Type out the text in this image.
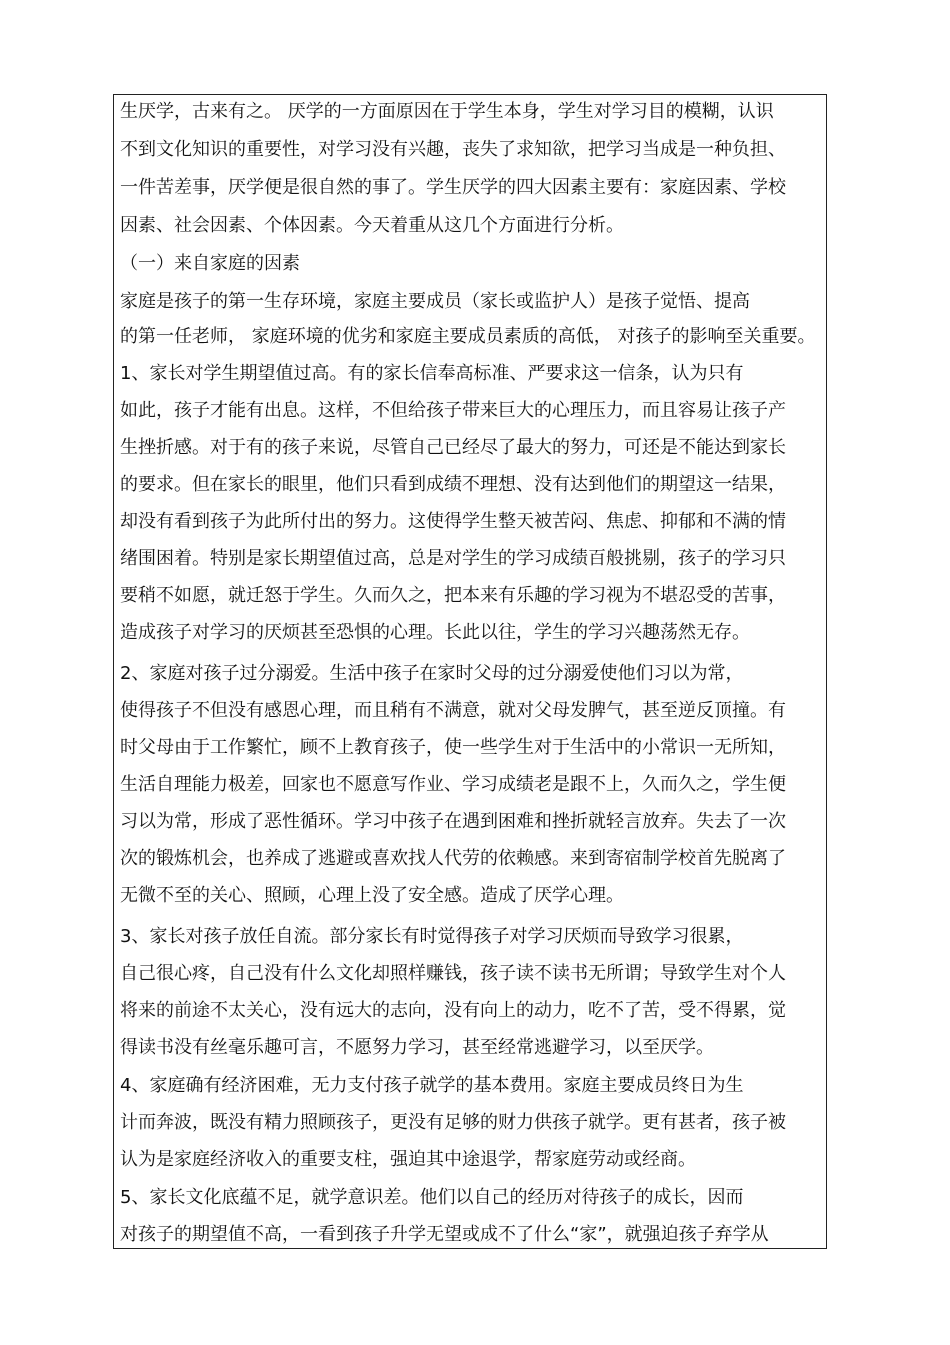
生厌学，古来有之。 厌学的一方面原因在于学生本身，学生对学习目的模糊，认识
不到文化知识的重要性，对学习没有兴趣，丧失了求知欲，把学习当成是一种负担、
一件苦差事，厌学便是很自然的事了。学生厌学的四大因素主要有：家庭因素、学校
因素、社会因素、个体因素。今天着重从这几个方面进行分析。
（一）来自家庭的因素
家庭是孩子的第一生存环境，家庭主要成员（家长或监护人）是孩子觉悟、提高
的第一任老师， 家庭环境的优劣和家庭主要成员素质的高低， 对孩子的影响至关重要。
1、家长对学生期望值过高。有的家长信奉高标准、严要求这一信条，认为只有
如此，孩子才能有出息。这样，不但给孩子带来巨大的心理压力，而且容易让孩子产
生挫折感。对于有的孩子来说，尽管自己已经尽了最大的努力，可还是不能达到家长
的要求。但在家长的眼里，他们只看到成绩不理想、没有达到他们的期望这一结果，
却没有看到孩子为此所付出的努力。这使得学生整天被苦闷、焦虑、抑郁和不满的情
绪围困着。特别是家长期望值过高，总是对学生的学习成绩百般挑剔，孩子的学习只
要稍不如愿，就迁怒于学生。久而久之，把本来有乐趣的学习视为不堪忍受的苦事，
造成孩子对学习的厌烦甚至恐惧的心理。长此以往，学生的学习兴趣荡然无存。
2、家庭对孩子过分溺爱。生活中孩子在家时父母的过分溺爱使他们习以为常，
使得孩子不但没有感恩心理，而且稍有不满意，就对父母发脾气，甚至逆反顶撞。有
时父母由于工作繁忙，顾不上教育孩子，使一些学生对于生活中的小常识一无所知，
生活自理能力极差，回家也不愿意写作业、学习成绩老是跟不上，久而久之，学生便
习以为常，形成了恶性循环。学习中孩子在遇到困难和挫折就轻言放弃。失去了一次
次的锻炼机会，也养成了逃避或喜欢找人代劳的依赖感。来到寄宿制学校首先脱离了
无微不至的关心、照顾，心理上没了安全感。造成了厌学心理。
3、家长对孩子放任自流。部分家长有时觉得孩子对学习厌烦而导致学习很累，
自己很心疼，自己没有什么文化却照样赚钱，孩子读不读书无所谓；导致学生对个人
将来的前途不太关心，没有远大的志向，没有向上的动力，吃不了苦，受不得累，觉
得读书没有丝毫乐趣可言，不愿努力学习，甚至经常逃避学习，以至厌学。
4、家庭确有经济困难，无力支付孩子就学的基本费用。家庭主要成员终日为生
计而奔波，既没有精力照顾孩子，更没有足够的财力供孩子就学。更有甚者，孩子被
认为是家庭经济收入的重要支柱，强迫其中途退学，帮家庭劳动或经商。
5、家长文化底蕴不足，就学意识差。他们以自己的经历对待孩子的成长，因而
对孩子的期望值不高，一看到孩子升学无望或成不了什么“家”，就强迫孩子弃学从
